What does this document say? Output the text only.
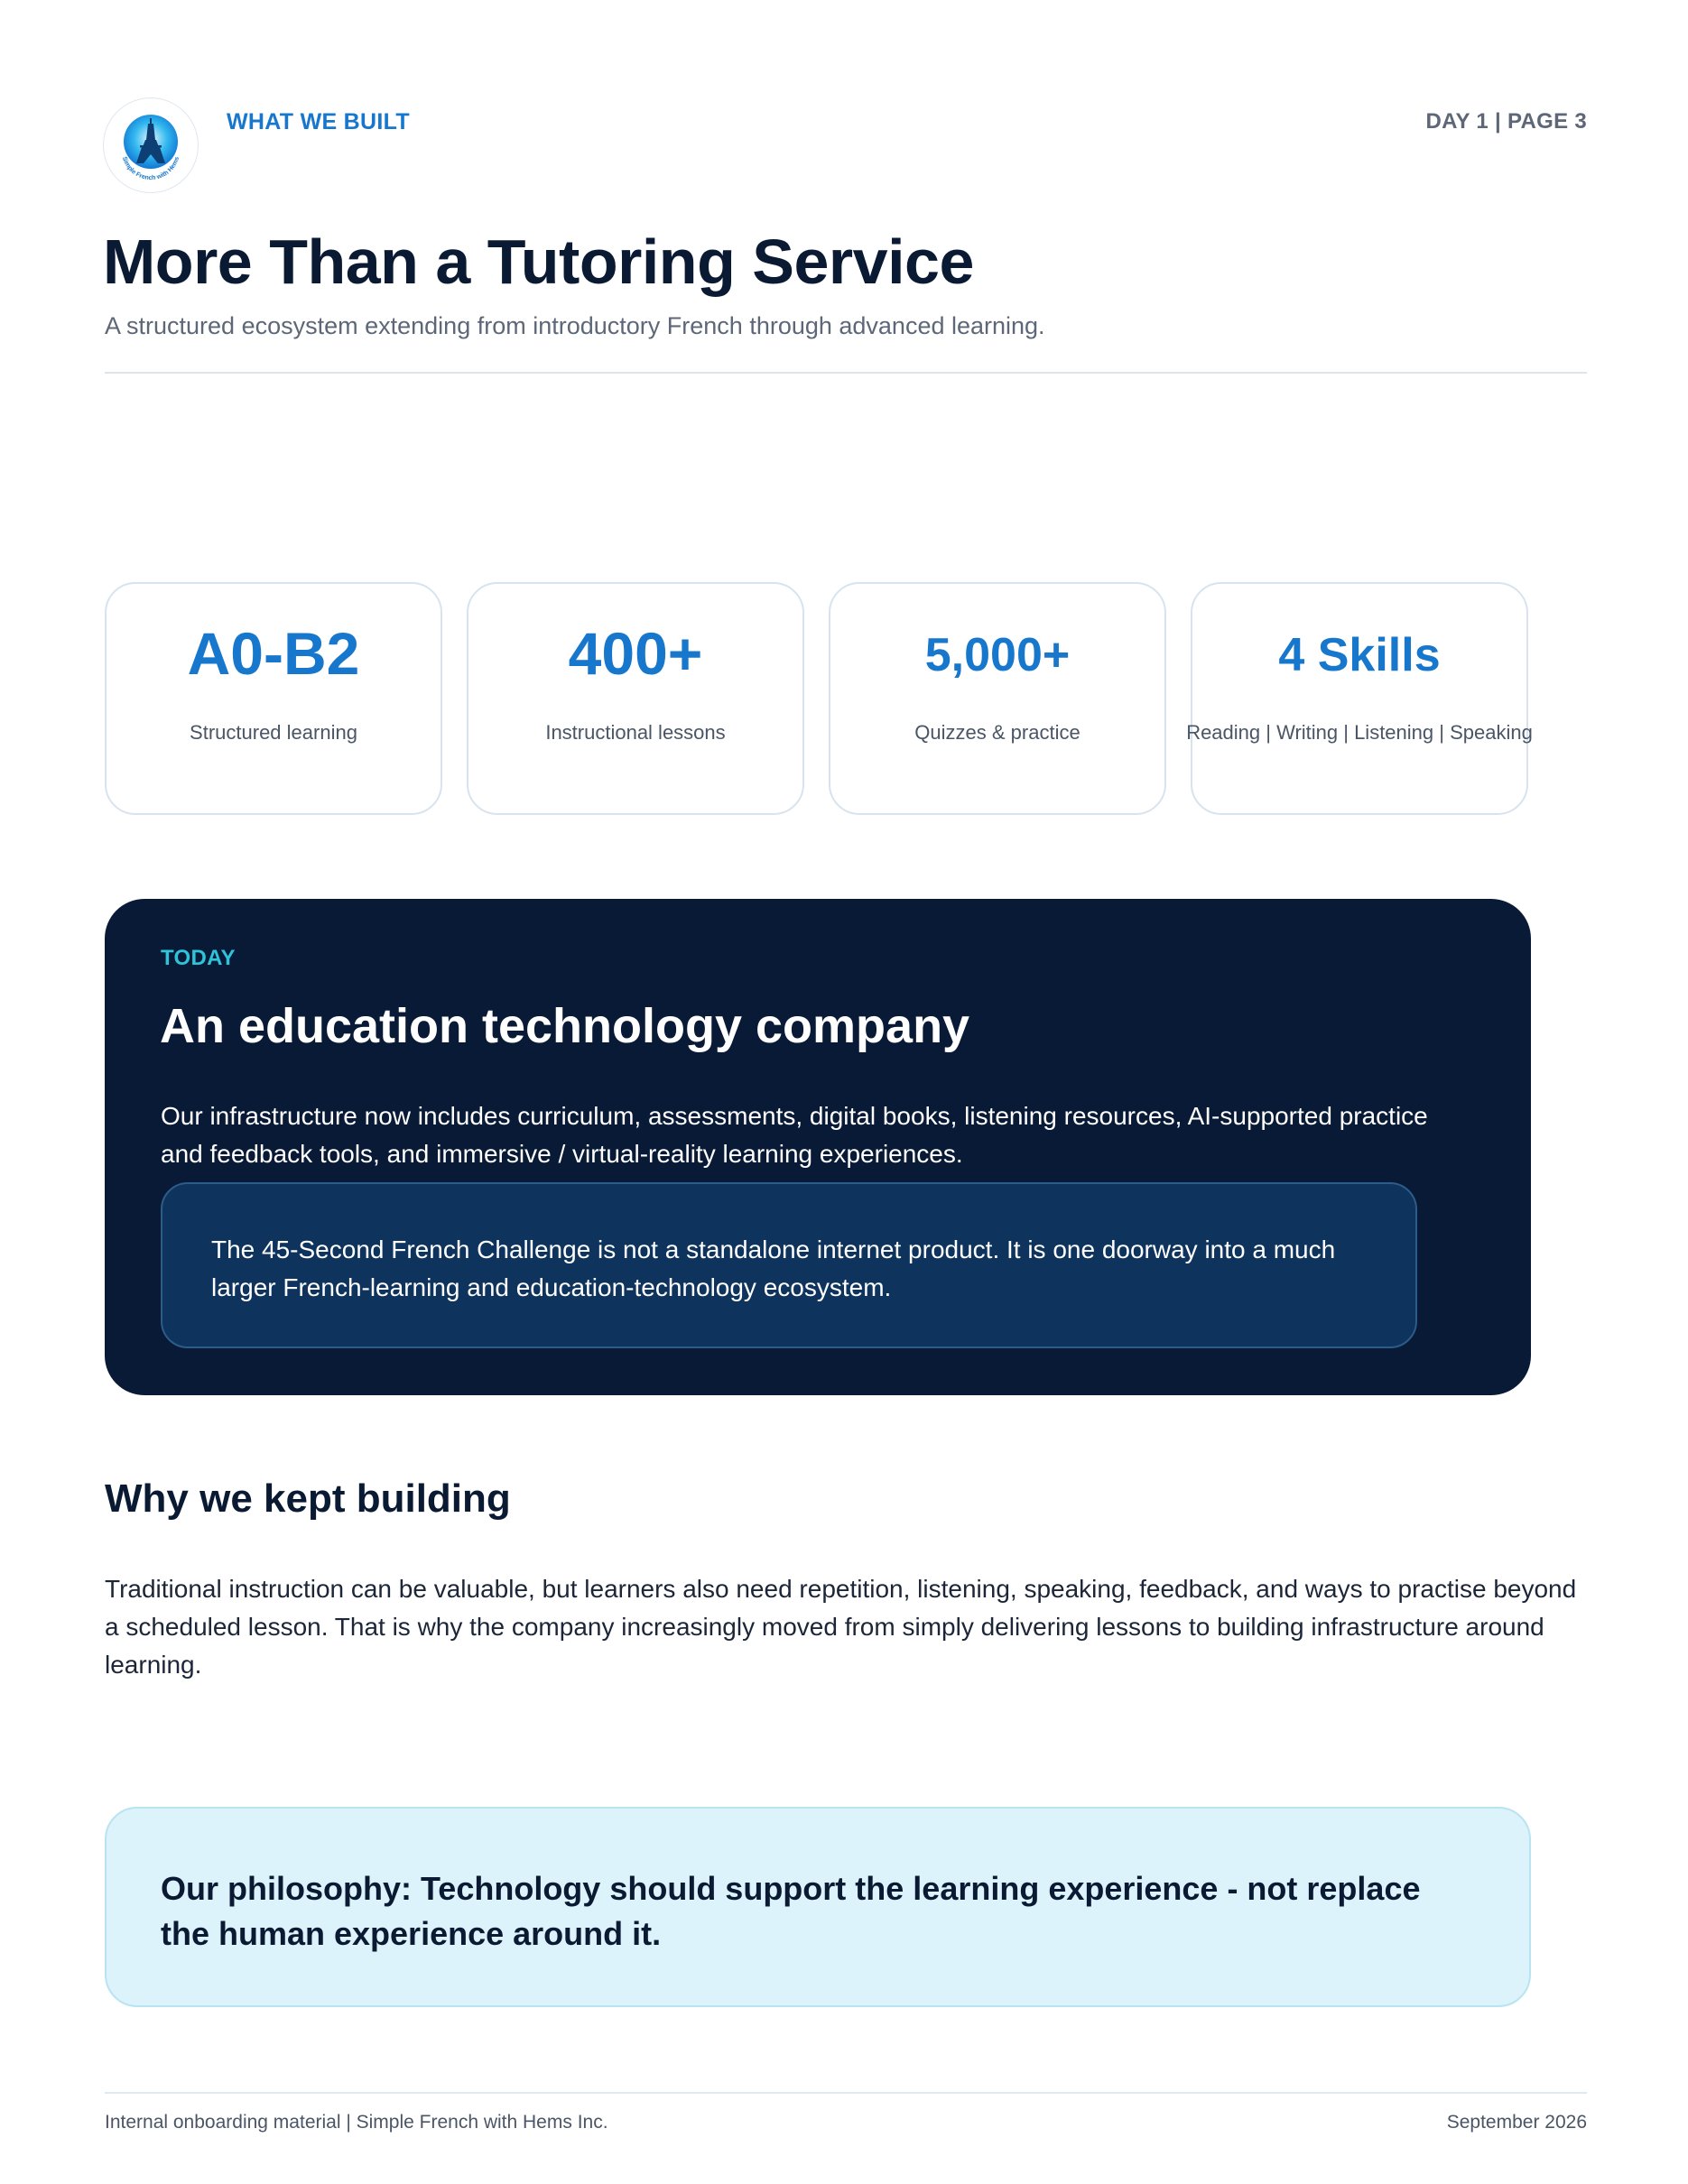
Simple French with Hems
WHAT WE BUILT	DAY 1 | PAGE 3
More Than a Tutoring Service
A structured ecosystem extending from introductory French through advanced learning.
A0-B2
Structured learning
400+
Instructional lessons
5,000+
Quizzes & practice
4 Skills
Reading | Writing | Listening | Speaking
TODAY
An education technology company

Our infrastructure now includes curriculum, assessments, digital books, listening resources, AI-supported practice and feedback tools, and immersive / virtual-reality learning experiences.

The 45-Second French Challenge is not a standalone internet product. It is one doorway into a much larger French-learning and education-technology ecosystem.

Why we kept building

Traditional instruction can be valuable, but learners also need repetition, listening, speaking, feedback, and ways to practise beyond a scheduled lesson. That is why the company increasingly moved from simply delivering lessons to building infrastructure around learning.

Our philosophy: Technology should support the learning experience - not replace the human experience around it.

Internal onboarding material | Simple French with Hems Inc.	September 2026
